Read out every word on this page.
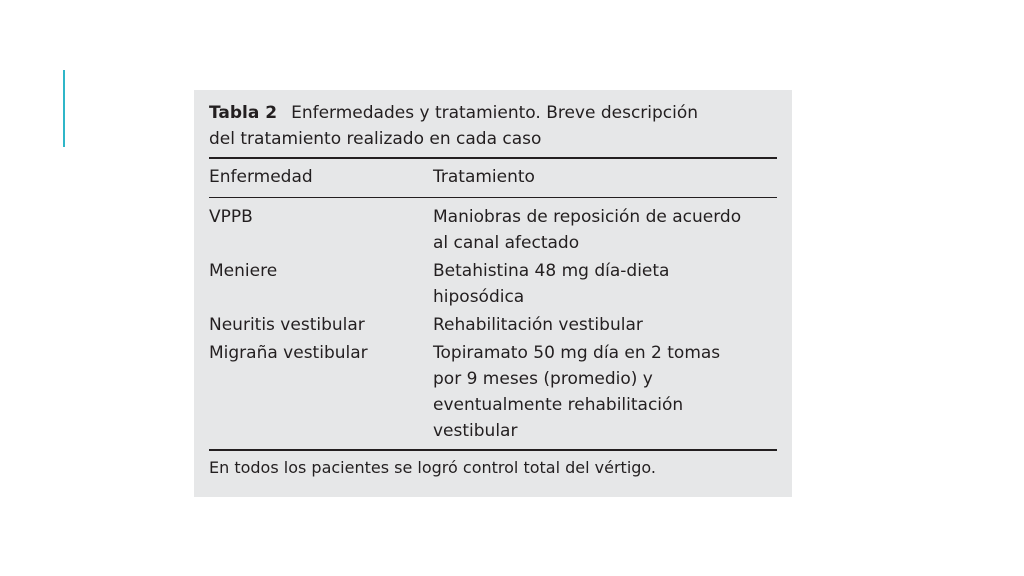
Tabla 2 Enfermedades y tratamiento. Breve descripción
del tratamiento realizado en cada caso
Enfermedad	Tratamiento
VPPB	Maniobras de reposición de acuerdo
al canal afectado
Meniere	Betahistina 48 mg día-dieta
hiposódica
Neuritis vestibular	Rehabilitación vestibular
Migraña vestibular	Topiramato 50 mg día en 2 tomas
por 9 meses (promedio) y
eventualmente rehabilitación
vestibular
En todos los pacientes se logró control total del vértigo.
